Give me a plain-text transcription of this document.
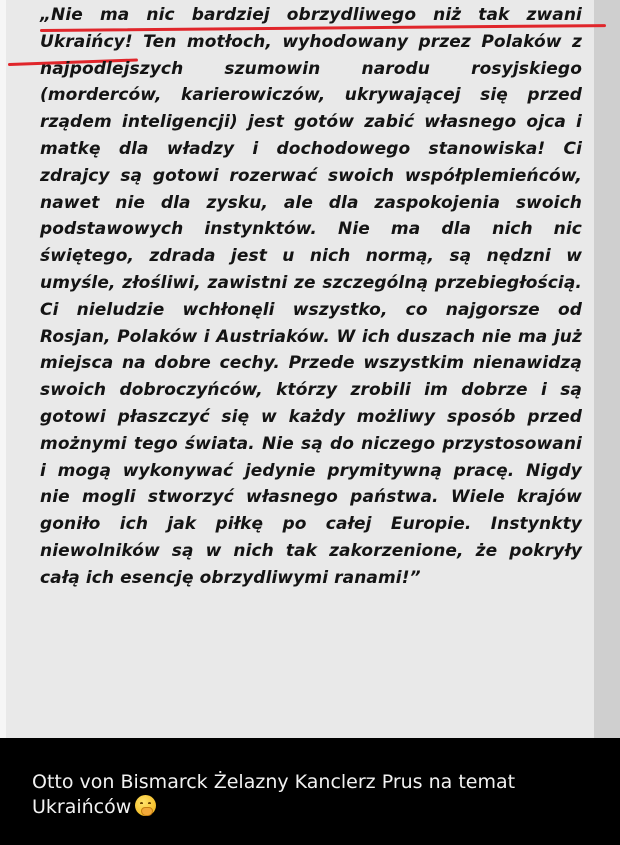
„Nie ma nic bardziej obrzydliwego niż tak zwani Ukraińcy! Ten motłoch, wyhodowany przez Polaków z najpodlejszych szumowin narodu rosyjskiego (morderców, karierowiczów, ukrywającej się przed rządem inteligencji) jest gotów zabić własnego ojca i matkę dla władzy i dochodowego stanowiska! Ci zdrajcy są gotowi rozerwać swoich współplemieńców, nawet nie dla zysku, ale dla zaspokojenia swoich podstawowych instynktów. Nie ma dla nich nic świętego, zdrada jest u nich normą, są nędzni w umyśle, złośliwi, zawistni ze szczególną przebiegłością. Ci nieludzie wchłonęli wszystko, co najgorsze od Rosjan, Polaków i Austriaków. W ich duszach nie ma już miejsca na dobre cechy. Przede wszystkim nienawidzą swoich dobroczyńców, którzy zrobili im dobrze i są gotowi płaszczyć się w każdy możliwy sposób przed możnymi tego świata. Nie są do niczego przystosowani i mogą wykonywać jedynie prymitywną pracę. Nigdy nie mogli stworzyć własnego państwa. Wiele krajów goniło ich jak piłkę po całej Europie. Instynkty niewolników są w nich tak zakorzenione, że pokryły całą ich esencję obrzydliwymi ranami!”

Otto von Bismarck Żelazny Kanclerz Prus na temat Ukraińców
